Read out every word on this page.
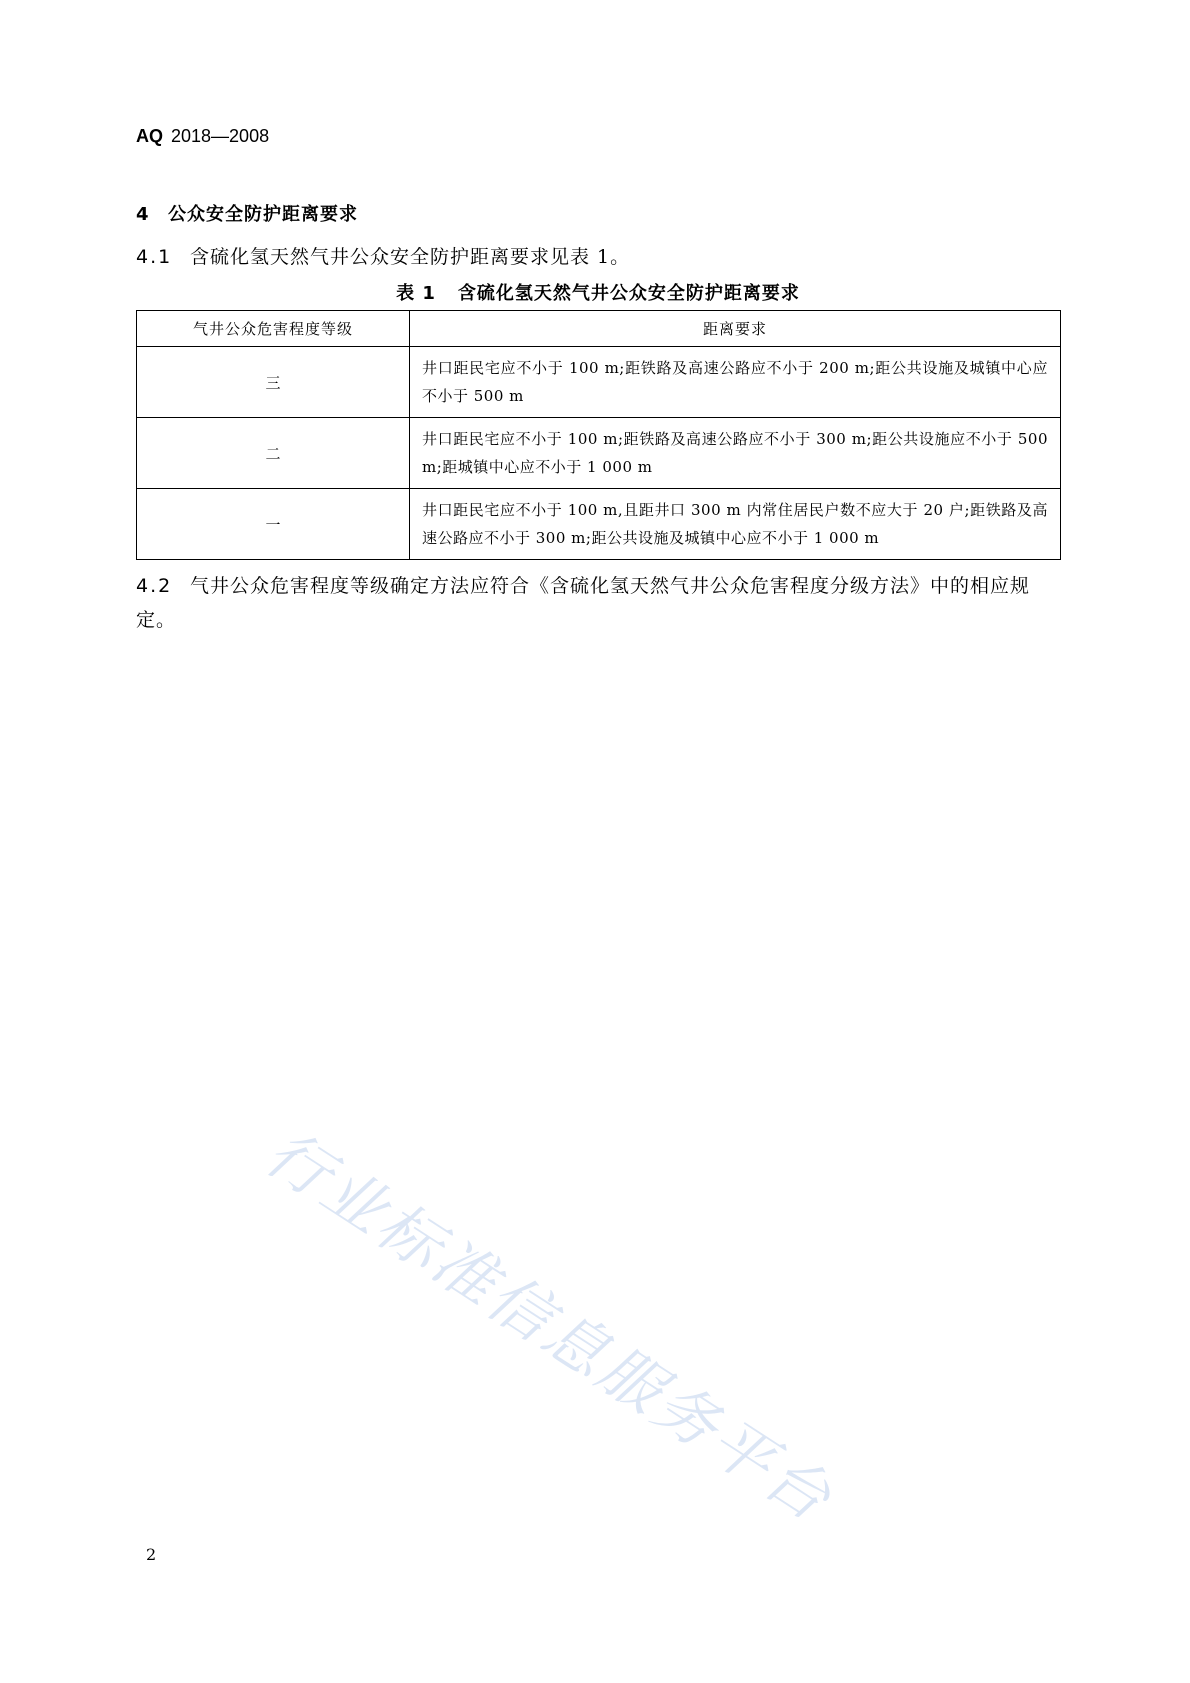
AQ 2018—2008
4 公众安全防护距离要求
4.1 含硫化氢天然气井公众安全防护距离要求见表 1。
表 1 含硫化氢天然气井公众安全防护距离要求
气井公众危害程度等级	距离要求
三	井口距民宅应不小于 100 m;距铁路及高速公路应不小于 200 m;距公共设施及城镇中心应不小于 500 m
二	井口距民宅应不小于 100 m;距铁路及高速公路应不小于 300 m;距公共设施应不小于 500 m;距城镇中心应不小于 1 000 m
一	井口距民宅应不小于 100 m,且距井口 300 m 内常住居民户数不应大于 20 户;距铁路及高速公路应不小于 300 m;距公共设施及城镇中心应不小于 1 000 m
4.2 气井公众危害程度等级确定方法应符合《含硫化氢天然气井公众危害程度分级方法》中的相应规定。
行业标准信息服务平台
2
